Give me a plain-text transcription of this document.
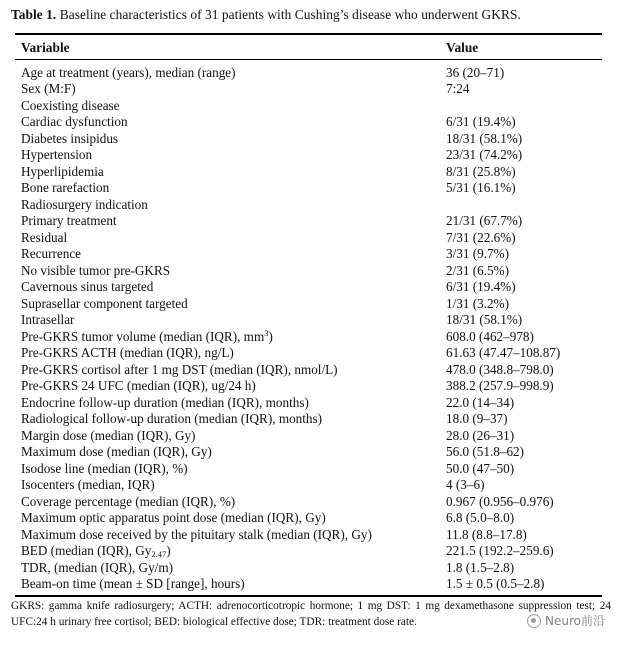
Table 1. Baseline characteristics of 31 patients with Cushing’s disease who underwent GKRS.
Variable	Value
Age at treatment (years), median (range)	36 (20–71)
Sex (M:F)	7:24
Coexisting disease
Cardiac dysfunction	6/31 (19.4%)
Diabetes insipidus	18/31 (58.1%)
Hypertension	23/31 (74.2%)
Hyperlipidemia	8/31 (25.8%)
Bone rarefaction	5/31 (16.1%)
Radiosurgery indication
Primary treatment	21/31 (67.7%)
Residual	7/31 (22.6%)
Recurrence	3/31 (9.7%)
No visible tumor pre-GKRS	2/31 (6.5%)
Cavernous sinus targeted	6/31 (19.4%)
Suprasellar component targeted	1/31 (3.2%)
Intrasellar	18/31 (58.1%)
Pre-GKRS tumor volume (median (IQR), $mm^3$)	608.0 (462–978)
Pre-GKRS ACTH (median (IQR), ng/L)	61.63 (47.47–108.87)
Pre-GKRS cortisol after 1 mg DST (median (IQR), nmol/L)	478.0 (348.8–798.0)
Pre-GKRS 24 UFC (median (IQR), ug/24 h)	388.2 (257.9–998.9)
Endocrine follow-up duration (median (IQR), months)	22.0 (14–34)
Radiological follow-up duration (median (IQR), months)	18.0 (9–37)
Margin dose (median (IQR), Gy)	28.0 (26–31)
Maximum dose (median (IQR), Gy)	56.0 (51.8–62)
Isodose line (median (IQR), %)	50.0 (47–50)
Isocenters (median, IQR)	4 (3–6)
Coverage percentage (median (IQR), %)	0.967 (0.956–0.976)
Maximum optic apparatus point dose (median (IQR), Gy)	6.8 (5.0–8.0)
Maximum dose received by the pituitary stalk (median (IQR), Gy)	11.8 (8.8–17.8)
BED (median (IQR), $Gy_{2.47}$)	221.5 (192.2–259.6)
TDR, (median (IQR), Gy/m)	1.8 (1.5–2.8)
Beam-on time (mean ± SD [range], hours)	1.5 ± 0.5 (0.5–2.8)
GKRS: gamma knife radiosurgery; ACTH: adrenocorticotropic hormone; 1 mg DST: 1 mg dexamethasone suppression test; 24 UFC:24 h urinary free cortisol; BED: biological effective dose; TDR: treatment dose rate.	Neuro前沿
